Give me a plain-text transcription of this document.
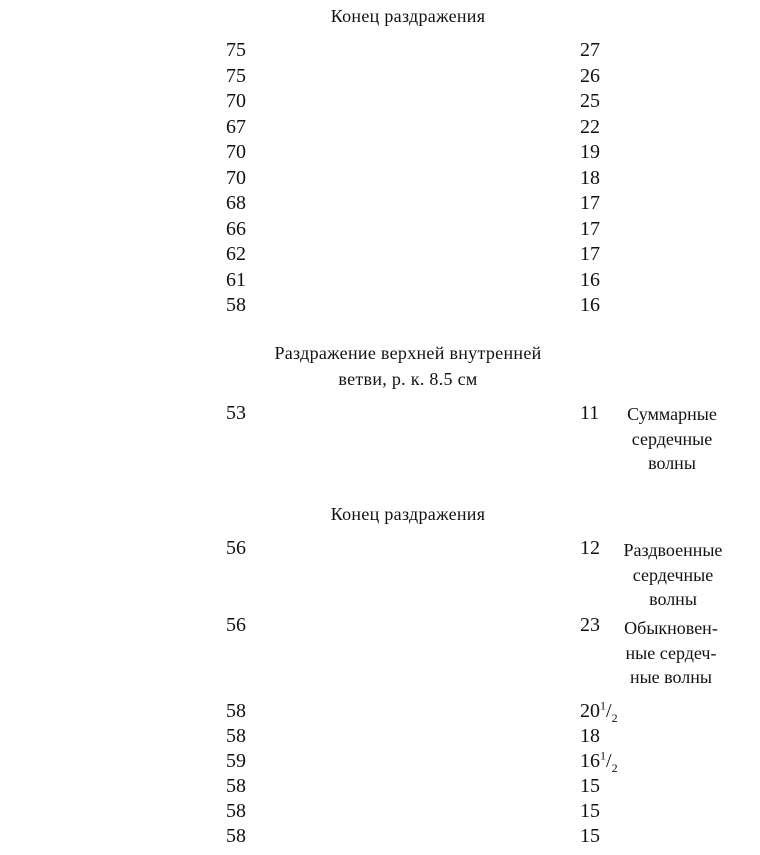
Конец раздражения
75	27
75	26
70	25
67	22
70	19
70	18
68	17
66	17
62	17
61	16
58	16
Раздражение верхней внутренней
ветви, р. к. 8.5 см
53	11	Суммарные
сердечные
волны
Конец раздражения
56	12	Раздвоенные
сердечные
волны
56	23	Обыкновен-
ные сердеч-
ные волны
58	$20^1/_2$
58	18
59	$16^1/_2$
58	15
58	15
58	15
